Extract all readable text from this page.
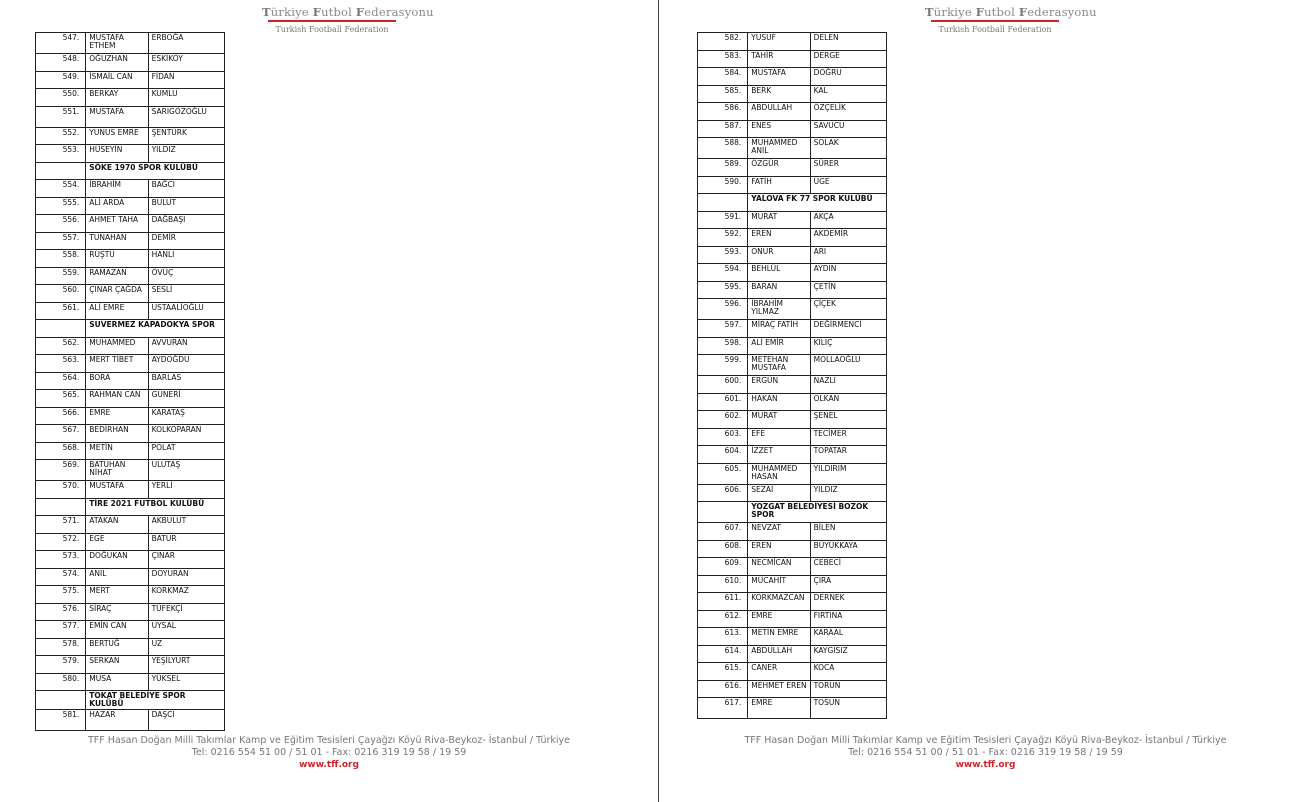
Türkiye Futbol Federasyonu
Turkish Football Federation
547.	MUSTAFA ETHEM	ERBOĞA
548.	OĞUZHAN	ESKİKÖY
549.	İSMAİL CAN	FİDAN
550.	BERKAY	KUMLU
551.	MUSTAFA	SARIGÖZOĞLU
552.	YUNUS EMRE	ŞENTÜRK
553.	HÜSEYİN	YILDIZ
	SÖKE 1970 SPOR KULÜBÜ	
554.	İBRAHİM	BAĞCI
555.	ALİ ARDA	BULUT
556.	AHMET TAHA	DAĞBAŞI
557.	TUNAHAN	DEMİR
558.	RÜŞTÜ	HANLI
559.	RAMAZAN	ÖVÜÇ
560.	ÇINAR ÇAĞDA	SESLİ
561.	ALİ EMRE	USTAALİOĞLU
	SUVERMEZ KAPADOKYA SPOR	
562.	MUHAMMED	AVVURAN
563.	MERT TİBET	AYDOĞDU
564.	BORA	BARLAS
565.	RAHMAN CAN	GÜNERİ
566.	EMRE	KARATAŞ
567.	BEDİRHAN	KOLKOPARAN
568.	METİN	POLAT
569.	BATUHAN NİHAT	ULUTAŞ
570.	MUSTAFA	YERLİ
	TİRE 2021 FUTBOL KULÜBÜ	
571.	ATAKAN	AKBULUT
572.	EGE	BATUR
573.	DOĞUKAN	ÇINAR
574.	ANIL	DOYURAN
575.	MERT	KORKMAZ
576.	SİRAÇ	TÜFEKÇİ
577.	EMİN CAN	UYSAL
578.	BERTUĞ	UZ
579.	SERKAN	YEŞİLYURT
580.	MUSA	YÜKSEL
	TOKAT BELEDİYE SPOR KULÜBÜ	
581.	HAZAR	DAŞCI
TFF Hasan Doğan Milli Takımlar Kamp ve Eğitim Tesisleri Çayağzı Köyü Riva-Beykoz- İstanbul / Türkiye
Tel: 0216 554 51 00 / 51 01 - Fax: 0216 319 19 58 / 19 59
www.tff.org
Türkiye Futbol Federasyonu
Turkish Football Federation
582.	YUSUF	DELEN
583.	TAHİR	DERGE
584.	MUSTAFA	DOĞRU
585.	BERK	KAL
586.	ABDULLAH	ÖZÇELİK
587.	ENES	SAVUCU
588.	MUHAMMED ANIL	SOLAK
589.	ÖZGÜR	SÜRER
590.	FATİH	ÜGE
	YALOVA FK 77 SPOR KULÜBÜ	
591.	MURAT	AKÇA
592.	EREN	AKDEMİR
593.	ONUR	ARI
594.	BEHLÜL	AYDIN
595.	BARAN	ÇETİN
596.	İBRAHİM YILMAZ	ÇİÇEK
597.	MİRAÇ FATİH	DEĞİRMENCİ
598.	ALİ EMİR	KILIÇ
599.	METEHAN MUSTAFA	MOLLAOĞLU
600.	ERGÜN	NAZLI
601.	HAKAN	OLKAN
602.	MURAT	ŞENEL
603.	EFE	TECİMER
604.	İZZET	TOPATAR
605.	MUHAMMED HASAN	YILDIRIM
606.	SEZAİ	YILDIZ
	YOZGAT BELEDİYESİ BOZOK SPOR	
607.	NEVZAT	BİLEN
608.	EREN	BÜYÜKKAYA
609.	NECMİCAN	CEBECİ
610.	MÜCAHİT	ÇIRA
611.	KORKMAZCAN	DERNEK
612.	EMRE	FIRTINA
613.	METİN EMRE	KARAAL
614.	ABDULLAH	KAYGISIZ
615.	CANER	KOCA
616.	MEHMET EREN	TORUN
617.	EMRE	TOSUN
TFF Hasan Doğan Milli Takımlar Kamp ve Eğitim Tesisleri Çayağzı Köyü Riva-Beykoz- İstanbul / Türkiye
Tel: 0216 554 51 00 / 51 01 - Fax: 0216 319 19 58 / 19 59
www.tff.org
